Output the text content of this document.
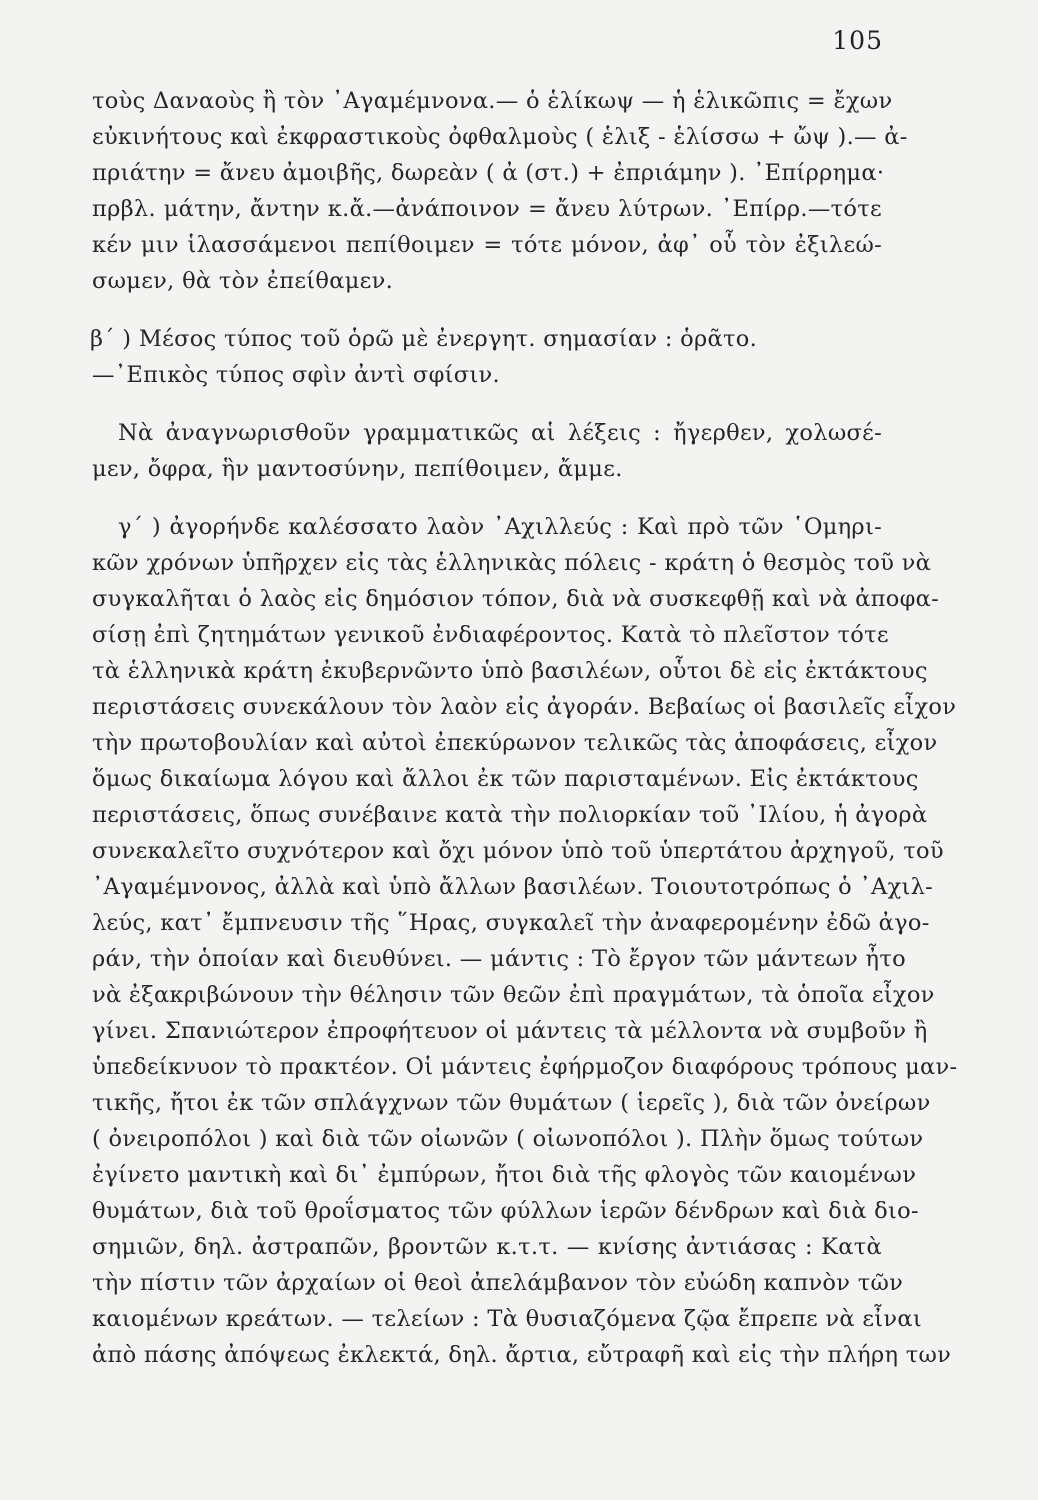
105
τοὺς Δαναοὺς ἢ τὸν ᾿Αγαμέμνονα.— ὁ ἑλίκωψ — ἡ ἑλικῶπις = ἔχων
εὐκινήτους καὶ ἐκφραστικοὺς ὀφθαλμοὺς ( ἑλιξ - ἑλίσσω + ὤψ ).— ἀ-
πριάτην = ἄνευ ἀμοιβῆς, δωρεὰν ( ἀ (στ.) + ἐπριάμην ). ᾿Επίρρημα·
πρβλ. μάτην, ἄντην κ.ἄ.—ἀνάποινον = ἄνευ λύτρων. ᾿Επίρρ.—τότε
κέν μιν ἱλασσάμενοι πεπίθοιμεν = τότε μόνον, ἀφ᾿ οὗ τὸν ἐξιλεώ-
σωμεν, θὰ τὸν ἐπείθαμεν.
β΄ ) Μέσος τύπος τοῦ ὁρῶ μὲ ἐνεργητ. σημασίαν : ὁρᾶτο.
—᾿Επικὸς τύπος σφὶν ἀντὶ σφίσιν.
Νὰ ἀναγνωρισθοῦν γραμματικῶς αἱ λέξεις : ἤγερθεν, χολωσέ-
μεν, ὄφρα, ἣν μαντοσύνην, πεπίθοιμεν, ἄμμε.
γ΄ ) ἀγορήνδε καλέσσατο λαὸν ᾿Αχιλλεύς : Καὶ πρὸ τῶν ῾Ομηρι-
κῶν χρόνων ὑπῆρχεν εἰς τὰς ἑλληνικὰς πόλεις - κράτη ὁ θεσμὸς τοῦ νὰ
συγκαλῆται ὁ λαὸς εἰς δημόσιον τόπον, διὰ νὰ συσκεφθῇ καὶ νὰ ἀποφα-
σίσῃ ἐπὶ ζητημάτων γενικοῦ ἐνδιαφέροντος. Κατὰ τὸ πλεῖστον τότε
τὰ ἑλληνικὰ κράτη ἐκυβερνῶντο ὑπὸ βασιλέων, οὗτοι δὲ εἰς ἐκτάκτους
περιστάσεις συνεκάλουν τὸν λαὸν εἰς ἀγοράν. Βεβαίως οἱ βασιλεῖς εἶχον
τὴν πρωτοβουλίαν καὶ αὐτοὶ ἐπεκύρωνον τελικῶς τὰς ἀποφάσεις, εἶχον
ὅμως δικαίωμα λόγου καὶ ἄλλοι ἐκ τῶν παρισταμένων. Εἰς ἐκτάκτους
περιστάσεις, ὅπως συνέβαινε κατὰ τὴν πολιορκίαν τοῦ ᾿Ιλίου, ἡ ἀγορὰ
συνεκαλεῖτο συχνότερον καὶ ὄχι μόνον ὑπὸ τοῦ ὑπερτάτου ἀρχηγοῦ, τοῦ
᾿Αγαμέμνονος, ἀλλὰ καὶ ὑπὸ ἄλλων βασιλέων. Τοιουτοτρόπως ὁ ᾿Αχιλ-
λεύς, κατ᾿ ἔμπνευσιν τῆς ῞Ηρας, συγκαλεῖ τὴν ἀναφερομένην ἐδῶ ἀγο-
ράν, τὴν ὁποίαν καὶ διευθύνει. — μάντις : Τὸ ἔργον τῶν μάντεων ἦτο
νὰ ἐξακριβώνουν τὴν θέλησιν τῶν θεῶν ἐπὶ πραγμάτων, τὰ ὁποῖα εἶχον
γίνει. Σπανιώτερον ἐπροφήτευον οἱ μάντεις τὰ μέλλοντα νὰ συμβοῦν ἢ
ὑπεδείκνυον τὸ πρακτέον. Οἱ μάντεις ἐφήρμοζον διαφόρους τρόπους μαν-
τικῆς, ἤτοι ἐκ τῶν σπλάγχνων τῶν θυμάτων ( ἱερεῖς ), διὰ τῶν ὀνείρων
( ὀνειροπόλοι ) καὶ διὰ τῶν οἰωνῶν ( οἰωνοπόλοι ). Πλὴν ὅμως τούτων
ἐγίνετο μαντικὴ καὶ δι᾿ ἐμπύρων, ἤτοι διὰ τῆς φλογὸς τῶν καιομένων
θυμάτων, διὰ τοῦ θροΐσματος τῶν φύλλων ἱερῶν δένδρων καὶ διὰ διο-
σημιῶν, δηλ. ἀστραπῶν, βροντῶν κ.τ.τ. — κνίσης ἀντιάσας : Κατὰ
τὴν πίστιν τῶν ἀρχαίων οἱ θεοὶ ἀπελάμβανον τὸν εὐώδη καπνὸν τῶν
καιομένων κρεάτων. — τελείων : Τὰ θυσιαζόμενα ζῷα ἔπρεπε νὰ εἶναι
ἀπὸ πάσης ἀπόψεως ἐκλεκτά, δηλ. ἄρτια, εὔτραφῆ καὶ εἰς τὴν πλήρη των
